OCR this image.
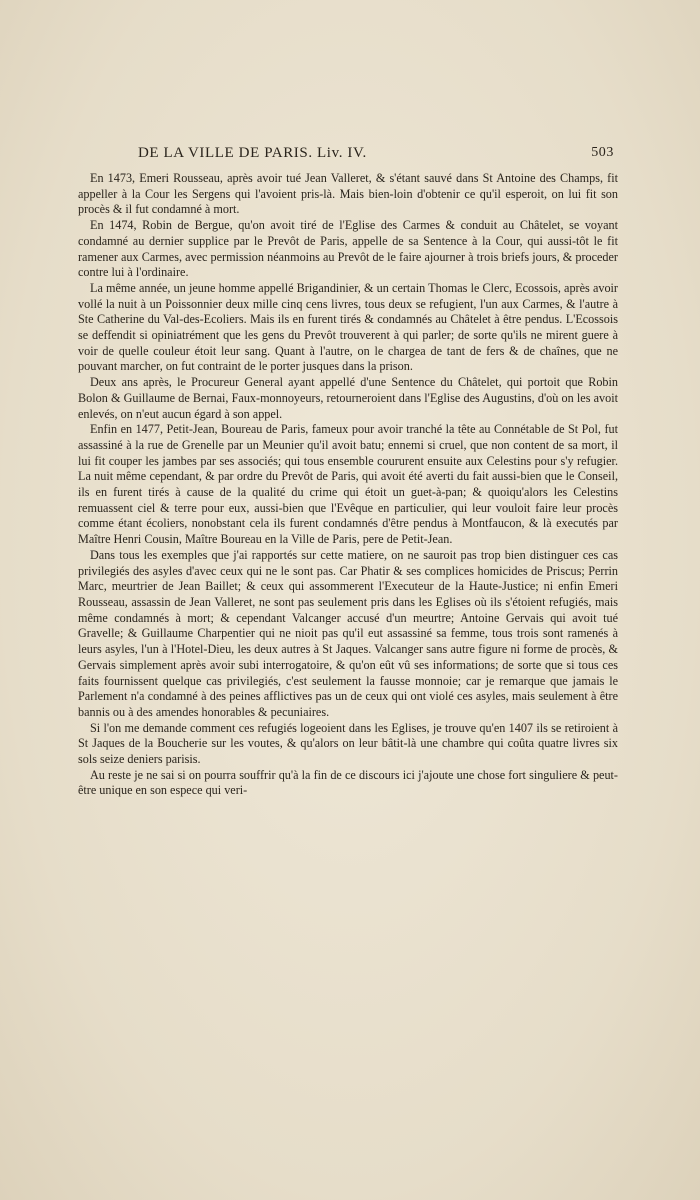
DE LA VILLE DE PARIS. Liv. IV.	503

En 1473, Emeri Rousseau, après avoir tué Jean Valleret, & s'étant sauvé dans St Antoine des Champs, fit appeller à la Cour les Sergens qui l'avoient pris-là. Mais bien-loin d'obtenir ce qu'il esperoit, on lui fit son procès & il fut condamné à mort.

En 1474, Robin de Bergue, qu'on avoit tiré de l'Eglise des Carmes & conduit au Châtelet, se voyant condamné au dernier supplice par le Prevôt de Paris, appelle de sa Sentence à la Cour, qui aussi-tôt le fit ramener aux Carmes, avec permission néanmoins au Prevôt de le faire ajourner à trois briefs jours, & proceder contre lui à l'ordinaire.

La même année, un jeune homme appellé Brigandinier, & un certain Thomas le Clerc, Ecossois, après avoir vollé la nuit à un Poissonnier deux mille cinq cens livres, tous deux se refugient, l'un aux Carmes, & l'autre à Ste Catherine du Val-des-Ecoliers. Mais ils en furent tirés & condamnés au Châtelet à être pendus. L'Ecossois se deffendit si opiniatrément que les gens du Prevôt trouverent à qui parler; de sorte qu'ils ne mirent guere à voir de quelle couleur étoit leur sang. Quant à l'autre, on le chargea de tant de fers & de chaînes, que ne pouvant marcher, on fut contraint de le porter jusques dans la prison.

Deux ans après, le Procureur General ayant appellé d'une Sentence du Châtelet, qui portoit que Robin Bolon & Guillaume de Bernai, Faux-monnoyeurs, retourneroient dans l'Eglise des Augustins, d'où on les avoit enlevés, on n'eut aucun égard à son appel.

Enfin en 1477, Petit-Jean, Boureau de Paris, fameux pour avoir tranché la tête au Connétable de St Pol, fut assassiné à la rue de Grenelle par un Meunier qu'il avoit batu; ennemi si cruel, que non content de sa mort, il lui fit couper les jambes par ses associés; qui tous ensemble coururent ensuite aux Celestins pour s'y refugier. La nuit même cependant, & par ordre du Prevôt de Paris, qui avoit été averti du fait aussi-bien que le Conseil, ils en furent tirés à cause de la qualité du crime qui étoit un guet-à-pan; & quoiqu'alors les Celestins remuassent ciel & terre pour eux, aussi-bien que l'Evêque en particulier, qui leur vouloit faire leur procès comme étant écoliers, nonobstant cela ils furent condamnés d'être pendus à Montfaucon, & là executés par Maître Henri Cousin, Maître Boureau en la Ville de Paris, pere de Petit-Jean.

Dans tous les exemples que j'ai rapportés sur cette matiere, on ne sauroit pas trop bien distinguer ces cas privilegiés des asyles d'avec ceux qui ne le sont pas. Car Phatir & ses complices homicides de Priscus; Perrin Marc, meurtrier de Jean Baillet; & ceux qui assommerent l'Executeur de la Haute-Justice; ni enfin Emeri Rousseau, assassin de Jean Valleret, ne sont pas seulement pris dans les Eglises où ils s'étoient refugiés, mais même condamnés à mort; & cependant Valcanger accusé d'un meurtre; Antoine Gervais qui avoit tué Gravelle; & Guillaume Charpentier qui ne nioit pas qu'il eut assassiné sa femme, tous trois sont ramenés à leurs asyles, l'un à l'Hotel-Dieu, les deux autres à St Jaques. Valcanger sans autre figure ni forme de procès, & Gervais simplement après avoir subi interrogatoire, & qu'on eût vû ses informations; de sorte que si tous ces faits fournissent quelque cas privilegiés, c'est seulement la fausse monnoie; car je remarque que jamais le Parlement n'a condamné à des peines afflictives pas un de ceux qui ont violé ces asyles, mais seulement à être bannis ou à des amendes honorables & pecuniaires.

Si l'on me demande comment ces refugiés logeoient dans les Eglises, je trouve qu'en 1407 ils se retiroient à St Jaques de la Boucherie sur les voutes, & qu'alors on leur bâtit-là une chambre qui coûta quatre livres six sols seize deniers parisis.

Au reste je ne sai si on pourra souffrir qu'à la fin de ce discours ici j'ajoute une chose fort singuliere & peut-être unique en son espece qui veri-
